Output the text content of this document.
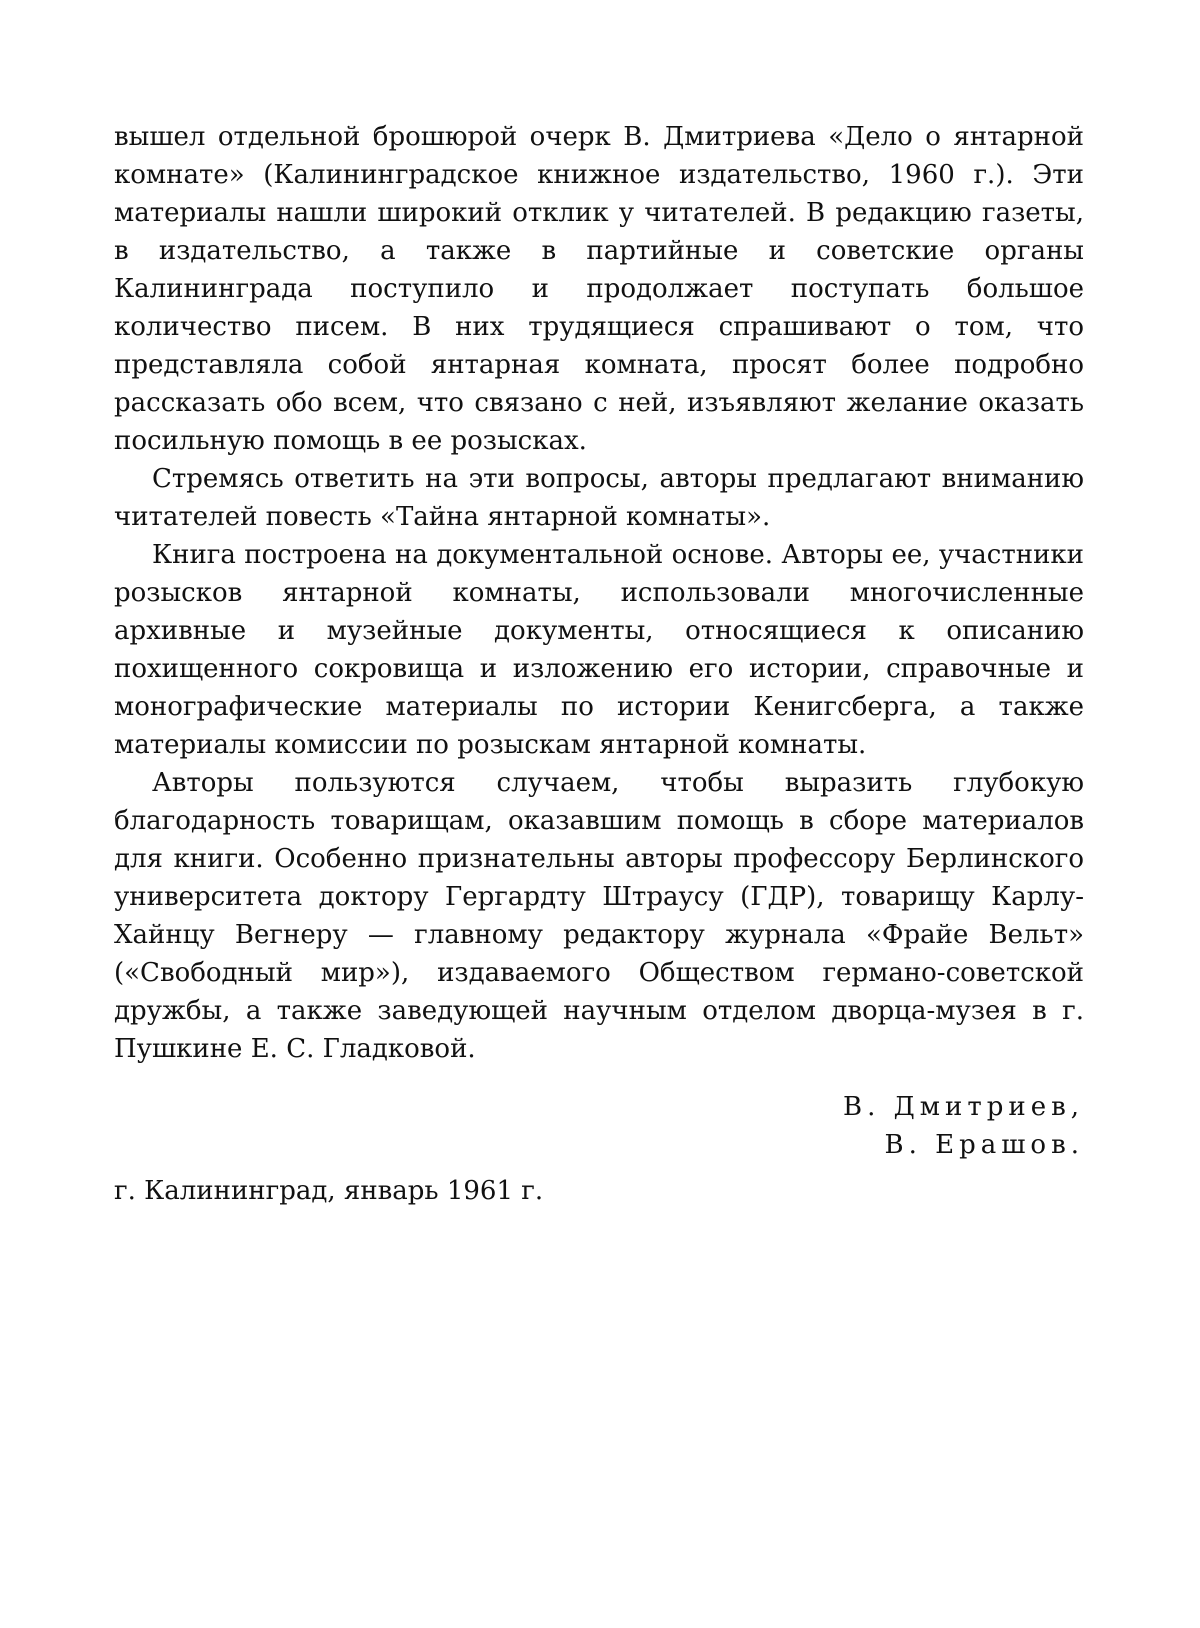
вышел отдельной брошюрой очерк В. Дмитриева «Дело о янтарной комнате» (Калининградское книжное издательство, 1960 г.). Эти материалы нашли широкий отклик у читателей. В редакцию газеты, в издательство, а также в партийные и советские органы Калининграда поступило и продолжает поступать большое количество писем. В них трудящиеся спрашивают о том, что представляла собой янтарная комната, просят более подробно рассказать обо всем, что связано с ней, изъявляют желание оказать посильную помощь в ее розысках.

Стремясь ответить на эти вопросы, авторы предлагают вниманию читателей повесть «Тайна янтарной комнаты».

Книга построена на документальной основе. Авторы ее, участники розысков янтарной комнаты, использовали многочисленные архивные и музейные документы, относящиеся к описанию похищенного сокровища и изложению его истории, справочные и монографические материалы по истории Кенигсберга, а также материалы комиссии по розыскам янтарной комнаты.

Авторы пользуются случаем, чтобы выразить глубокую благодарность товарищам, оказавшим помощь в сборе материалов для книги. Особенно признательны авторы профессору Берлинского университета доктору Гергардту Штраусу (ГДР), товарищу Карлу-Хайнцу Вегнеру — главному редактору журнала «Фрайе Вельт» («Свободный мир»), издаваемого Обществом германо-советской дружбы, а также заведующей научным отделом дворца-музея в г. Пушкине Е. С. Гладковой.

В. Дмитриев,
В. Ерашов.
г. Калининград, январь 1961 г.
